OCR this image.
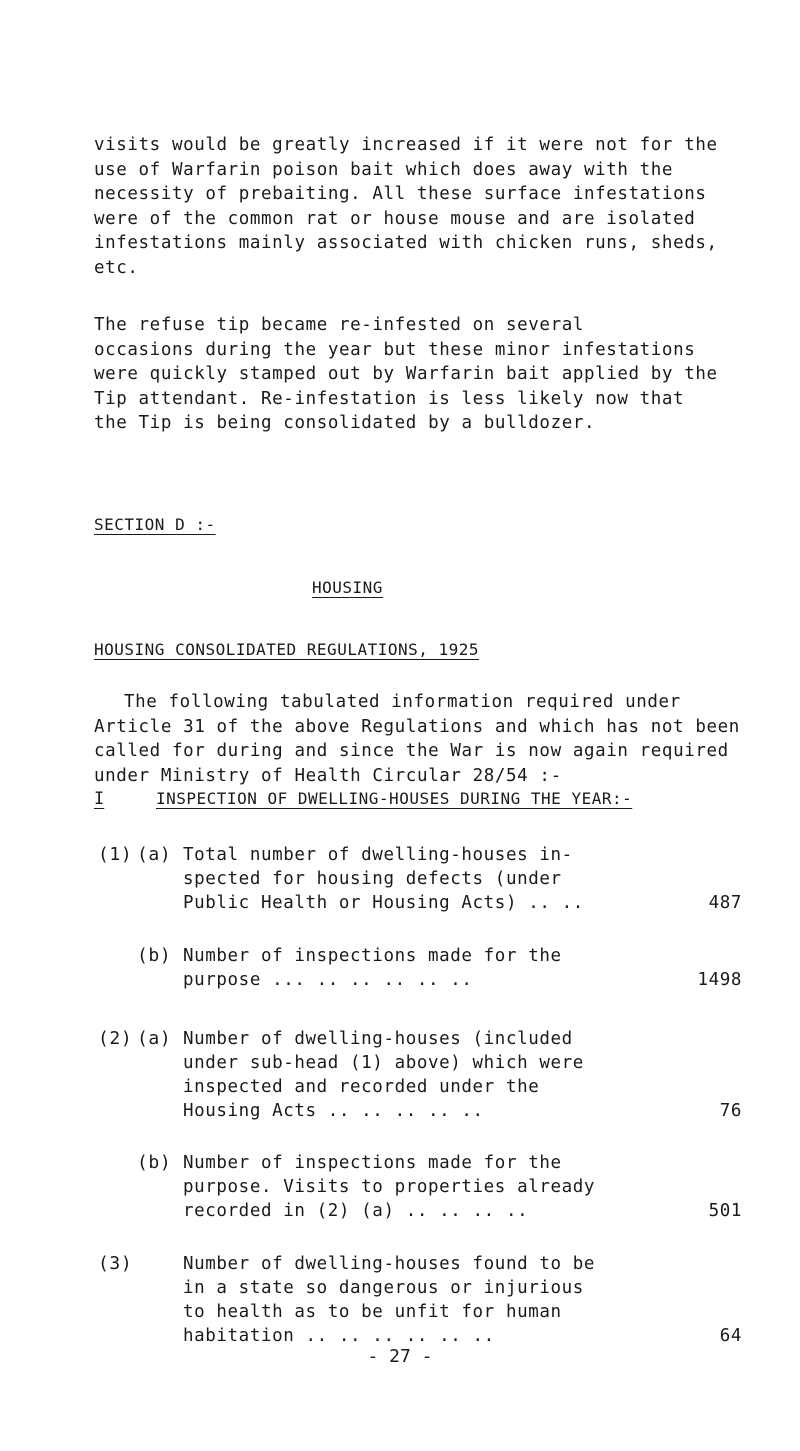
visits would be greatly increased if it were not for the
use of Warfarin poison bait which does away with the
necessity of prebaiting. All these surface infestations
were of the common rat or house mouse and are isolated
infestations mainly associated with chicken runs, sheds,
etc.
The refuse tip became re-infested on several
occasions during the year but these minor infestations
were quickly stamped out by Warfarin bait applied by the
Tip attendant. Re-infestation is less likely now that
the Tip is being consolidated by a bulldozer.
SECTION D :-
HOUSING
HOUSING CONSOLIDATED REGULATIONS, 1925
The following tabulated information required under
Article 31 of the above Regulations and which has not been
called for during and since the War is now again required
under Ministry of Health Circular 28/54 :-
I	INSPECTION OF DWELLING-HOUSES DURING THE YEAR:-
(1) (a) Total number of dwelling-houses in-
spected for housing defects (under
Public Health or Housing Acts) .. ..	487
(b) Number of inspections made for the
purpose ... .. .. .. .. ..	1498
(2) (a) Number of dwelling-houses (included
under sub-head (1) above) which were
inspected and recorded under the
Housing Acts .. .. .. .. ..	76
(b) Number of inspections made for the
purpose. Visits to properties already
recorded in (2) (a) .. .. .. ..	501
(3)	Number of dwelling-houses found to be
in a state so dangerous or injurious
to health as to be unfit for human
habitation .. .. .. .. .. ..	64
- 27 -
